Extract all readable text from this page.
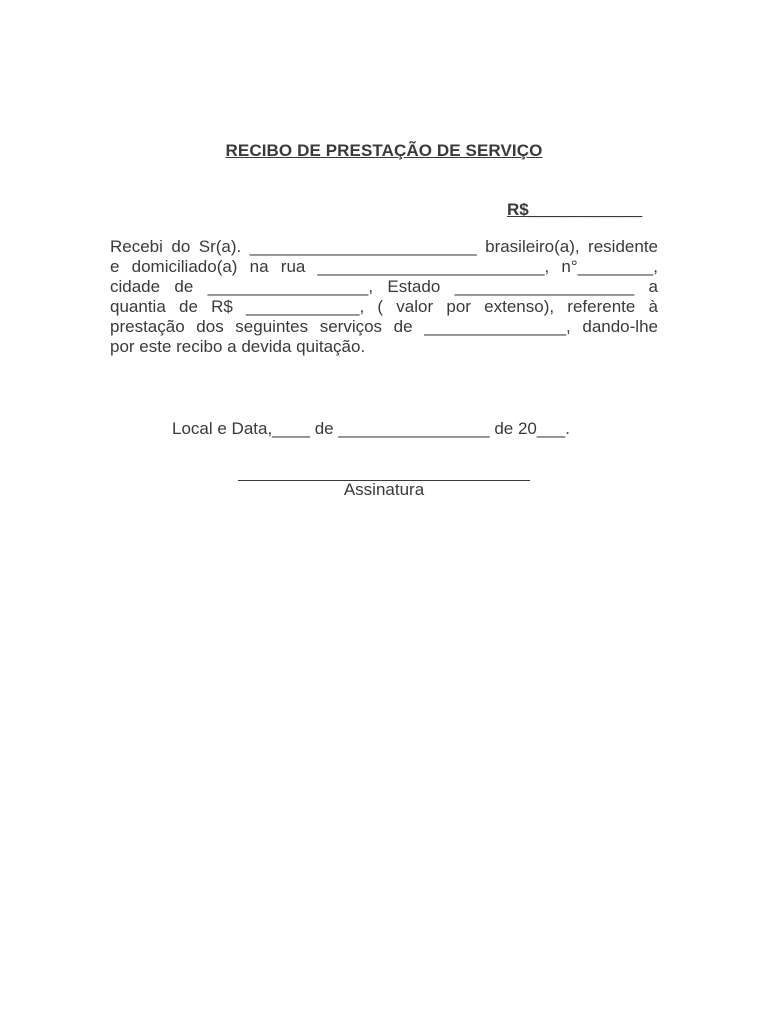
RECIBO DE PRESTAÇÃO DE SERVIÇO
R$____________
Recebi do Sr(a). ________________________ brasileiro(a), residente
e domiciliado(a) na rua ________________________, n°________,
cidade de _________________, Estado ___________________ a
quantia de R$ ____________, ( valor por extenso), referente à
prestação dos seguintes serviços de _______________, dando-lhe
por este recibo a devida quitação.
Local e Data,____ de ________________ de 20___.
Assinatura
